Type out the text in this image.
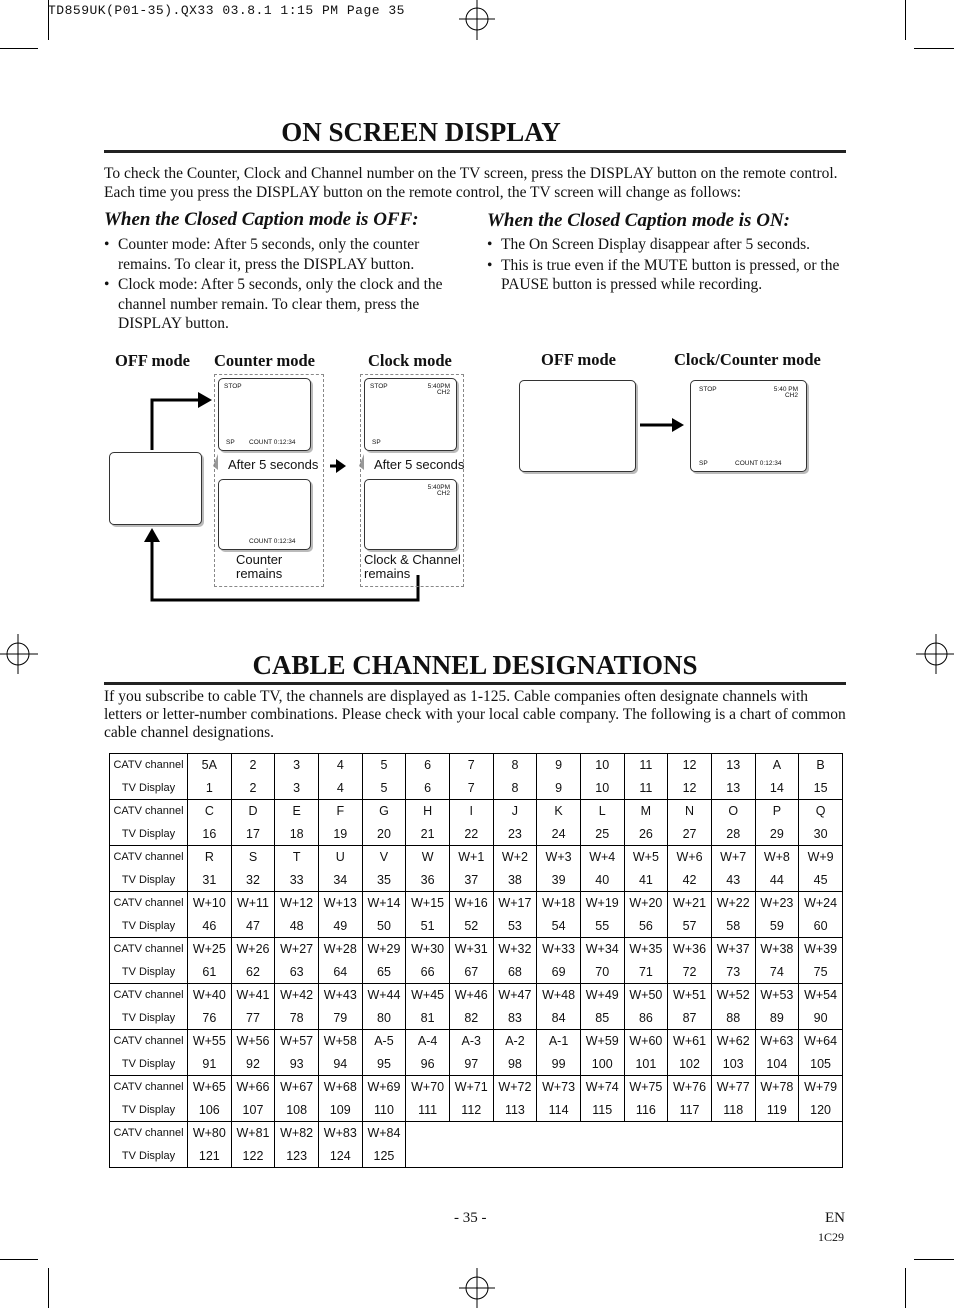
TD859UK(P01-35).QX33 03.8.1 1:15 PM Page 35
ON SCREEN DISPLAY
To check the Counter, Clock and Channel number on the TV screen, press the DISPLAY button on the remote control. Each time you press the DISPLAY button on the remote control, the TV screen will change as follows:
When the Closed Caption mode is OFF:
• Counter mode: After 5 seconds, only the counter remains. To clear it, press the DISPLAY button.
• Clock mode: After 5 seconds, only the clock and the channel number remain. To clear them, press the DISPLAY button.
When the Closed Caption mode is ON:
• The On Screen Display disappear after 5 seconds.
• This is true even if the MUTE button is pressed, or the PAUSE button is pressed while recording.
OFF mode Counter mode	Clock mode
STOP
SP COUNT 0:12:34
After 5 seconds
COUNT 0:12:34
Counter
remains
STOP	5:40PM
CH2
SP
After 5 seconds
5:40PM
CH2
Clock & Channel
remains
OFF mode	Clock/Counter mode
STOP	5:40 PM
CH2
SP	COUNT 0:12:34
CABLE CHANNEL DESIGNATIONS
If you subscribe to cable TV, the channels are displayed as 1-125. Cable companies often designate channels with letters or letter-number combinations. Please check with your local cable company. The following is a chart of common cable channel designations.
CATV channel	5A	2	3	4	5	6	7	8	9	10	11	12	13	A	B
TV Display	1	2	3	4	5	6	7	8	9	10	11	12	13	14	15
CATV channel	C	D	E	F	G	H	I	J	K	L	M	N	O	P	Q
TV Display	16	17	18	19	20	21	22	23	24	25	26	27	28	29	30
CATV channel	R	S	T	U	V	W	W+1	W+2	W+3	W+4	W+5	W+6	W+7	W+8	W+9
TV Display	31	32	33	34	35	36	37	38	39	40	41	42	43	44	45
CATV channel	W+10	W+11	W+12	W+13	W+14	W+15	W+16	W+17	W+18	W+19	W+20	W+21	W+22	W+23	W+24
TV Display	46	47	48	49	50	51	52	53	54	55	56	57	58	59	60
CATV channel	W+25	W+26	W+27	W+28	W+29	W+30	W+31	W+32	W+33	W+34	W+35	W+36	W+37	W+38	W+39
TV Display	61	62	63	64	65	66	67	68	69	70	71	72	73	74	75
CATV channel	W+40	W+41	W+42	W+43	W+44	W+45	W+46	W+47	W+48	W+49	W+50	W+51	W+52	W+53	W+54
TV Display	76	77	78	79	80	81	82	83	84	85	86	87	88	89	90
CATV channel	W+55	W+56	W+57	W+58	A-5	A-4	A-3	A-2	A-1	W+59	W+60	W+61	W+62	W+63	W+64
TV Display	91	92	93	94	95	96	97	98	99	100	101	102	103	104	105
CATV channel	W+65	W+66	W+67	W+68	W+69	W+70	W+71	W+72	W+73	W+74	W+75	W+76	W+77	W+78	W+79
TV Display	106	107	108	109	110	111	112	113	114	115	116	117	118	119	120
CATV channel	W+80	W+81	W+82	W+83	W+84										
TV Display	121	122	123	124	125										
- 35 -	EN
1C29
